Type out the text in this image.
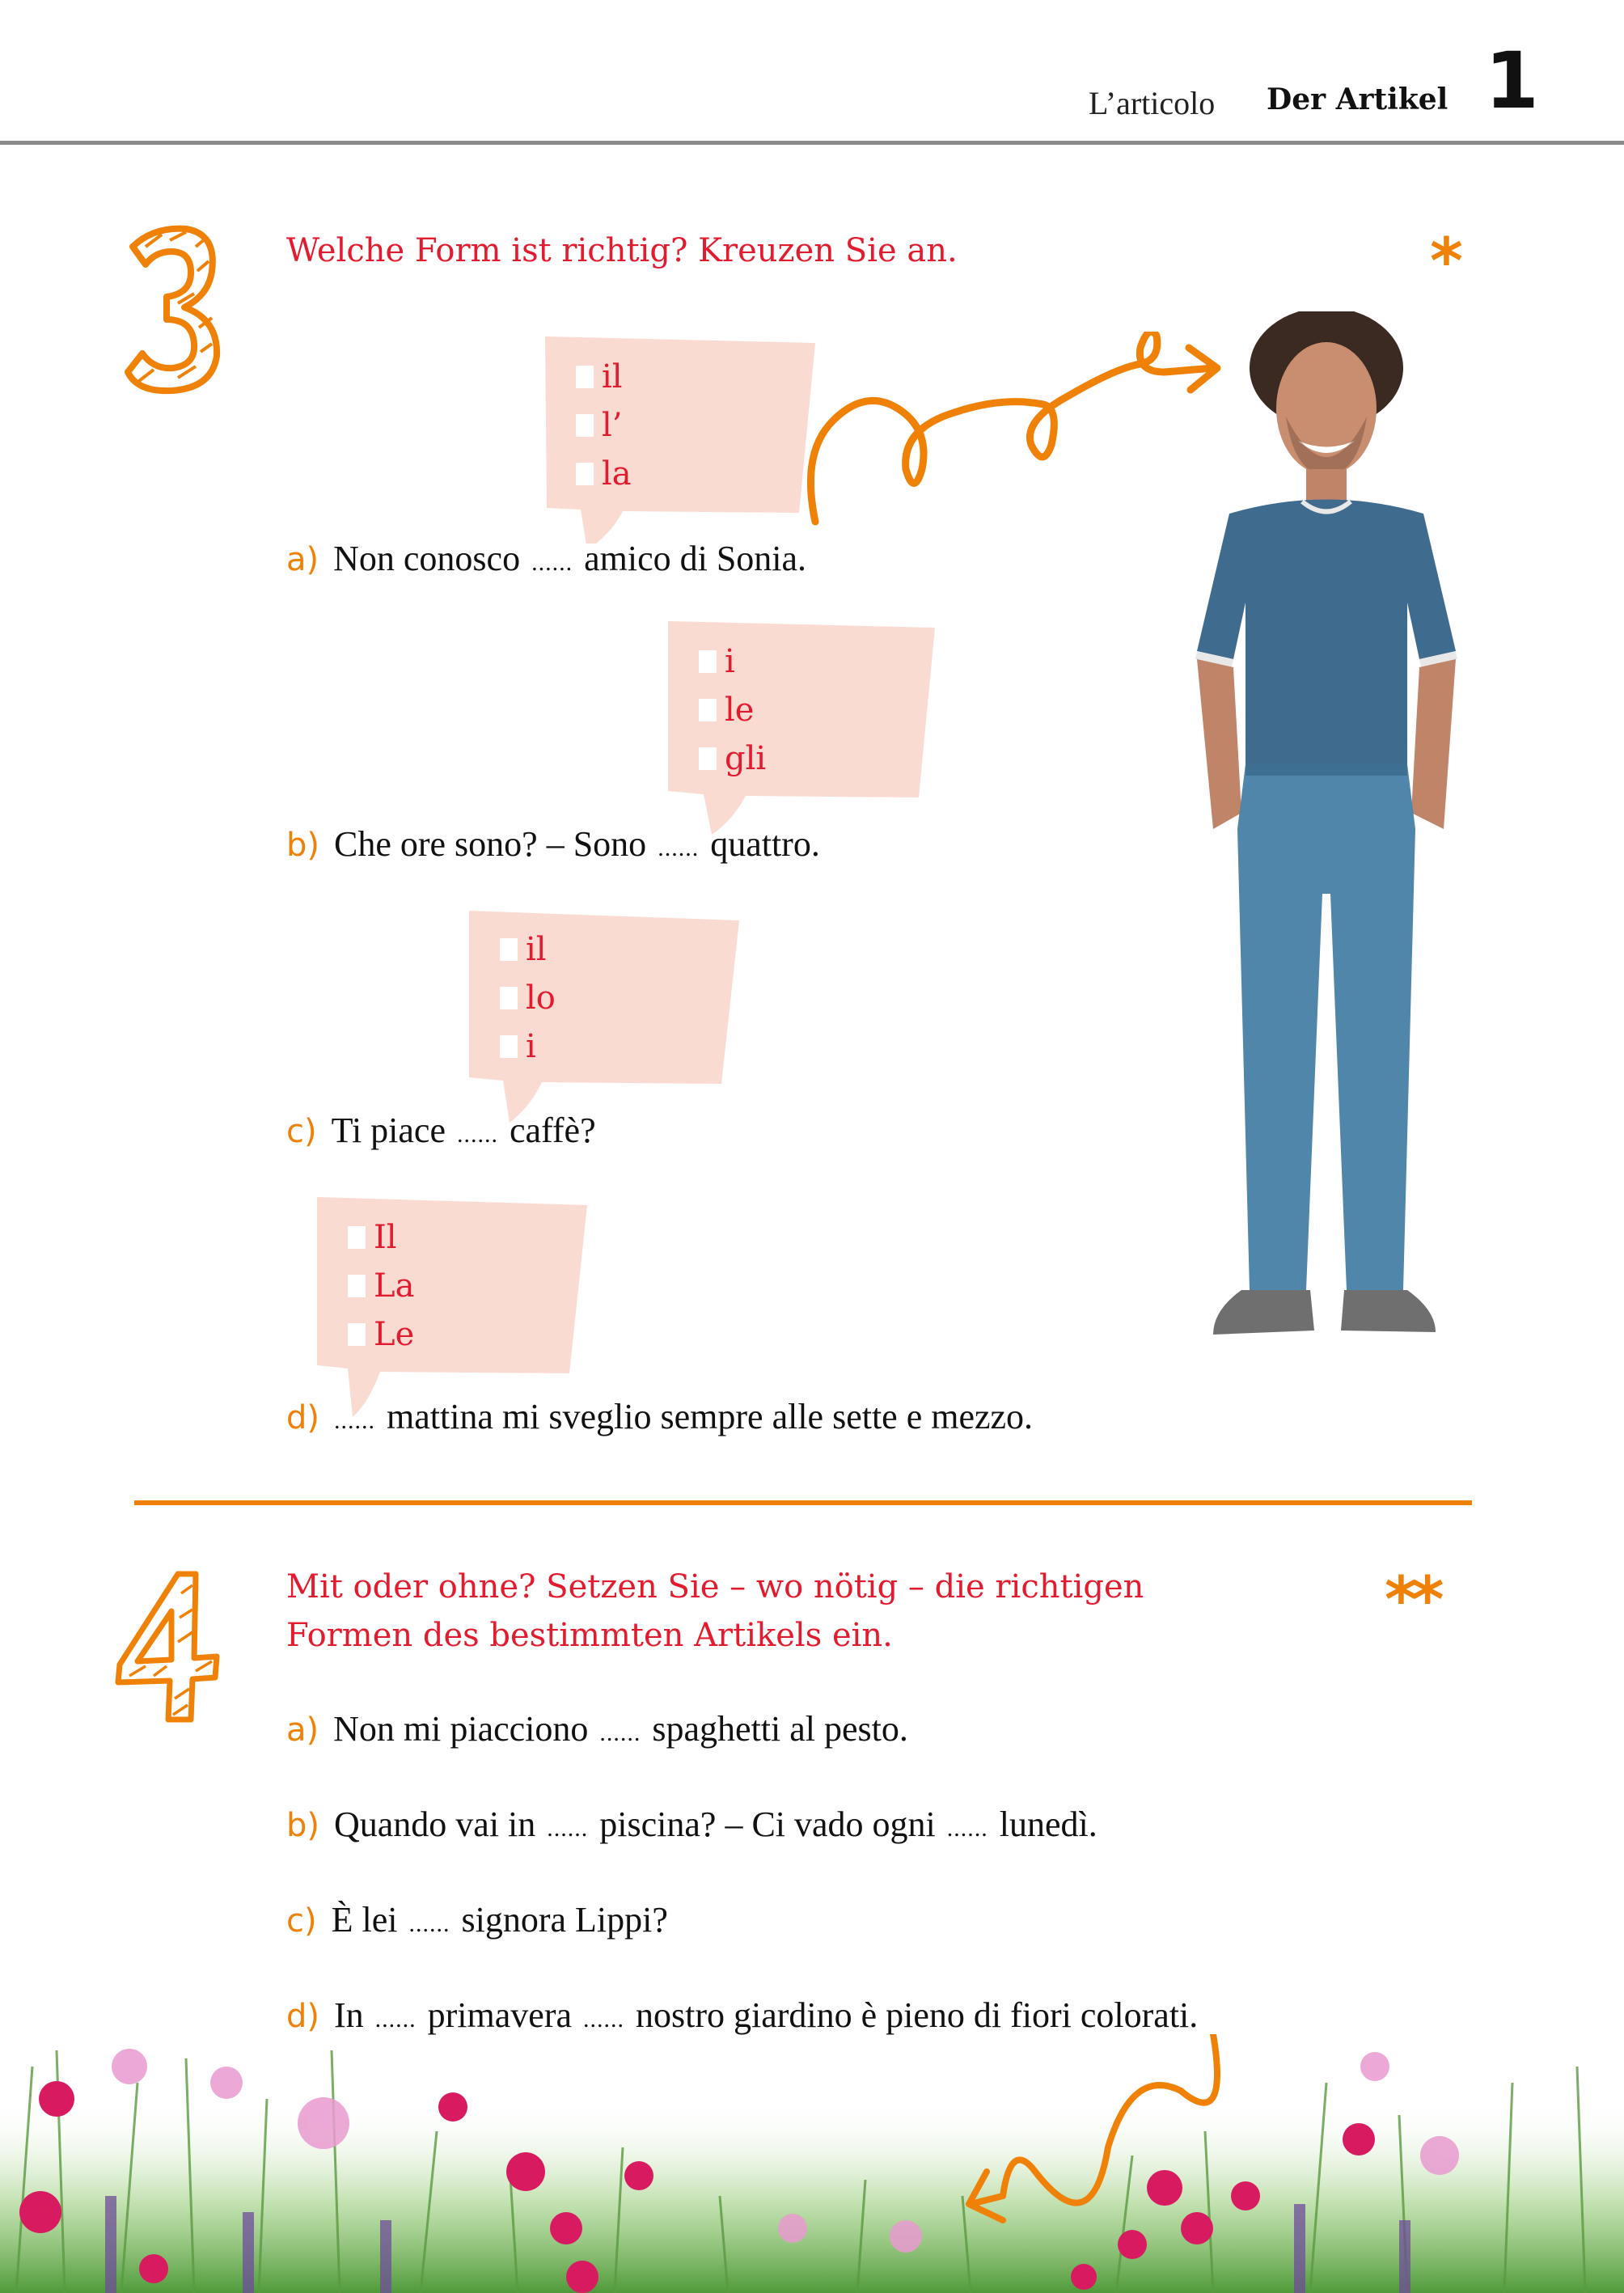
L’articolo Der Artikel 1
Welche Form ist richtig? Kreuzen Sie an.	*
il
l’
la
a) Non conosco ...... amico di Sonia.
i
le
gli
b) Che ore sono? – Sono ...... quattro.
il
lo
i
c) Ti piace ...... caffè?
Il
La
Le
d) ...... mattina mi sveglio sempre alle sette e mezzo.
Mit oder ohne? Setzen Sie – wo nötig – die richtigen
Formen des bestimmten Artikels ein.	**
a) Non mi piacciono ...... spaghetti al pesto.
b) Quando vai in ...... piscina? – Ci vado ogni ...... lunedì.
c) È lei ...... signora Lippi?
d) In ...... primavera ...... nostro giardino è pieno di fiori colorati.
